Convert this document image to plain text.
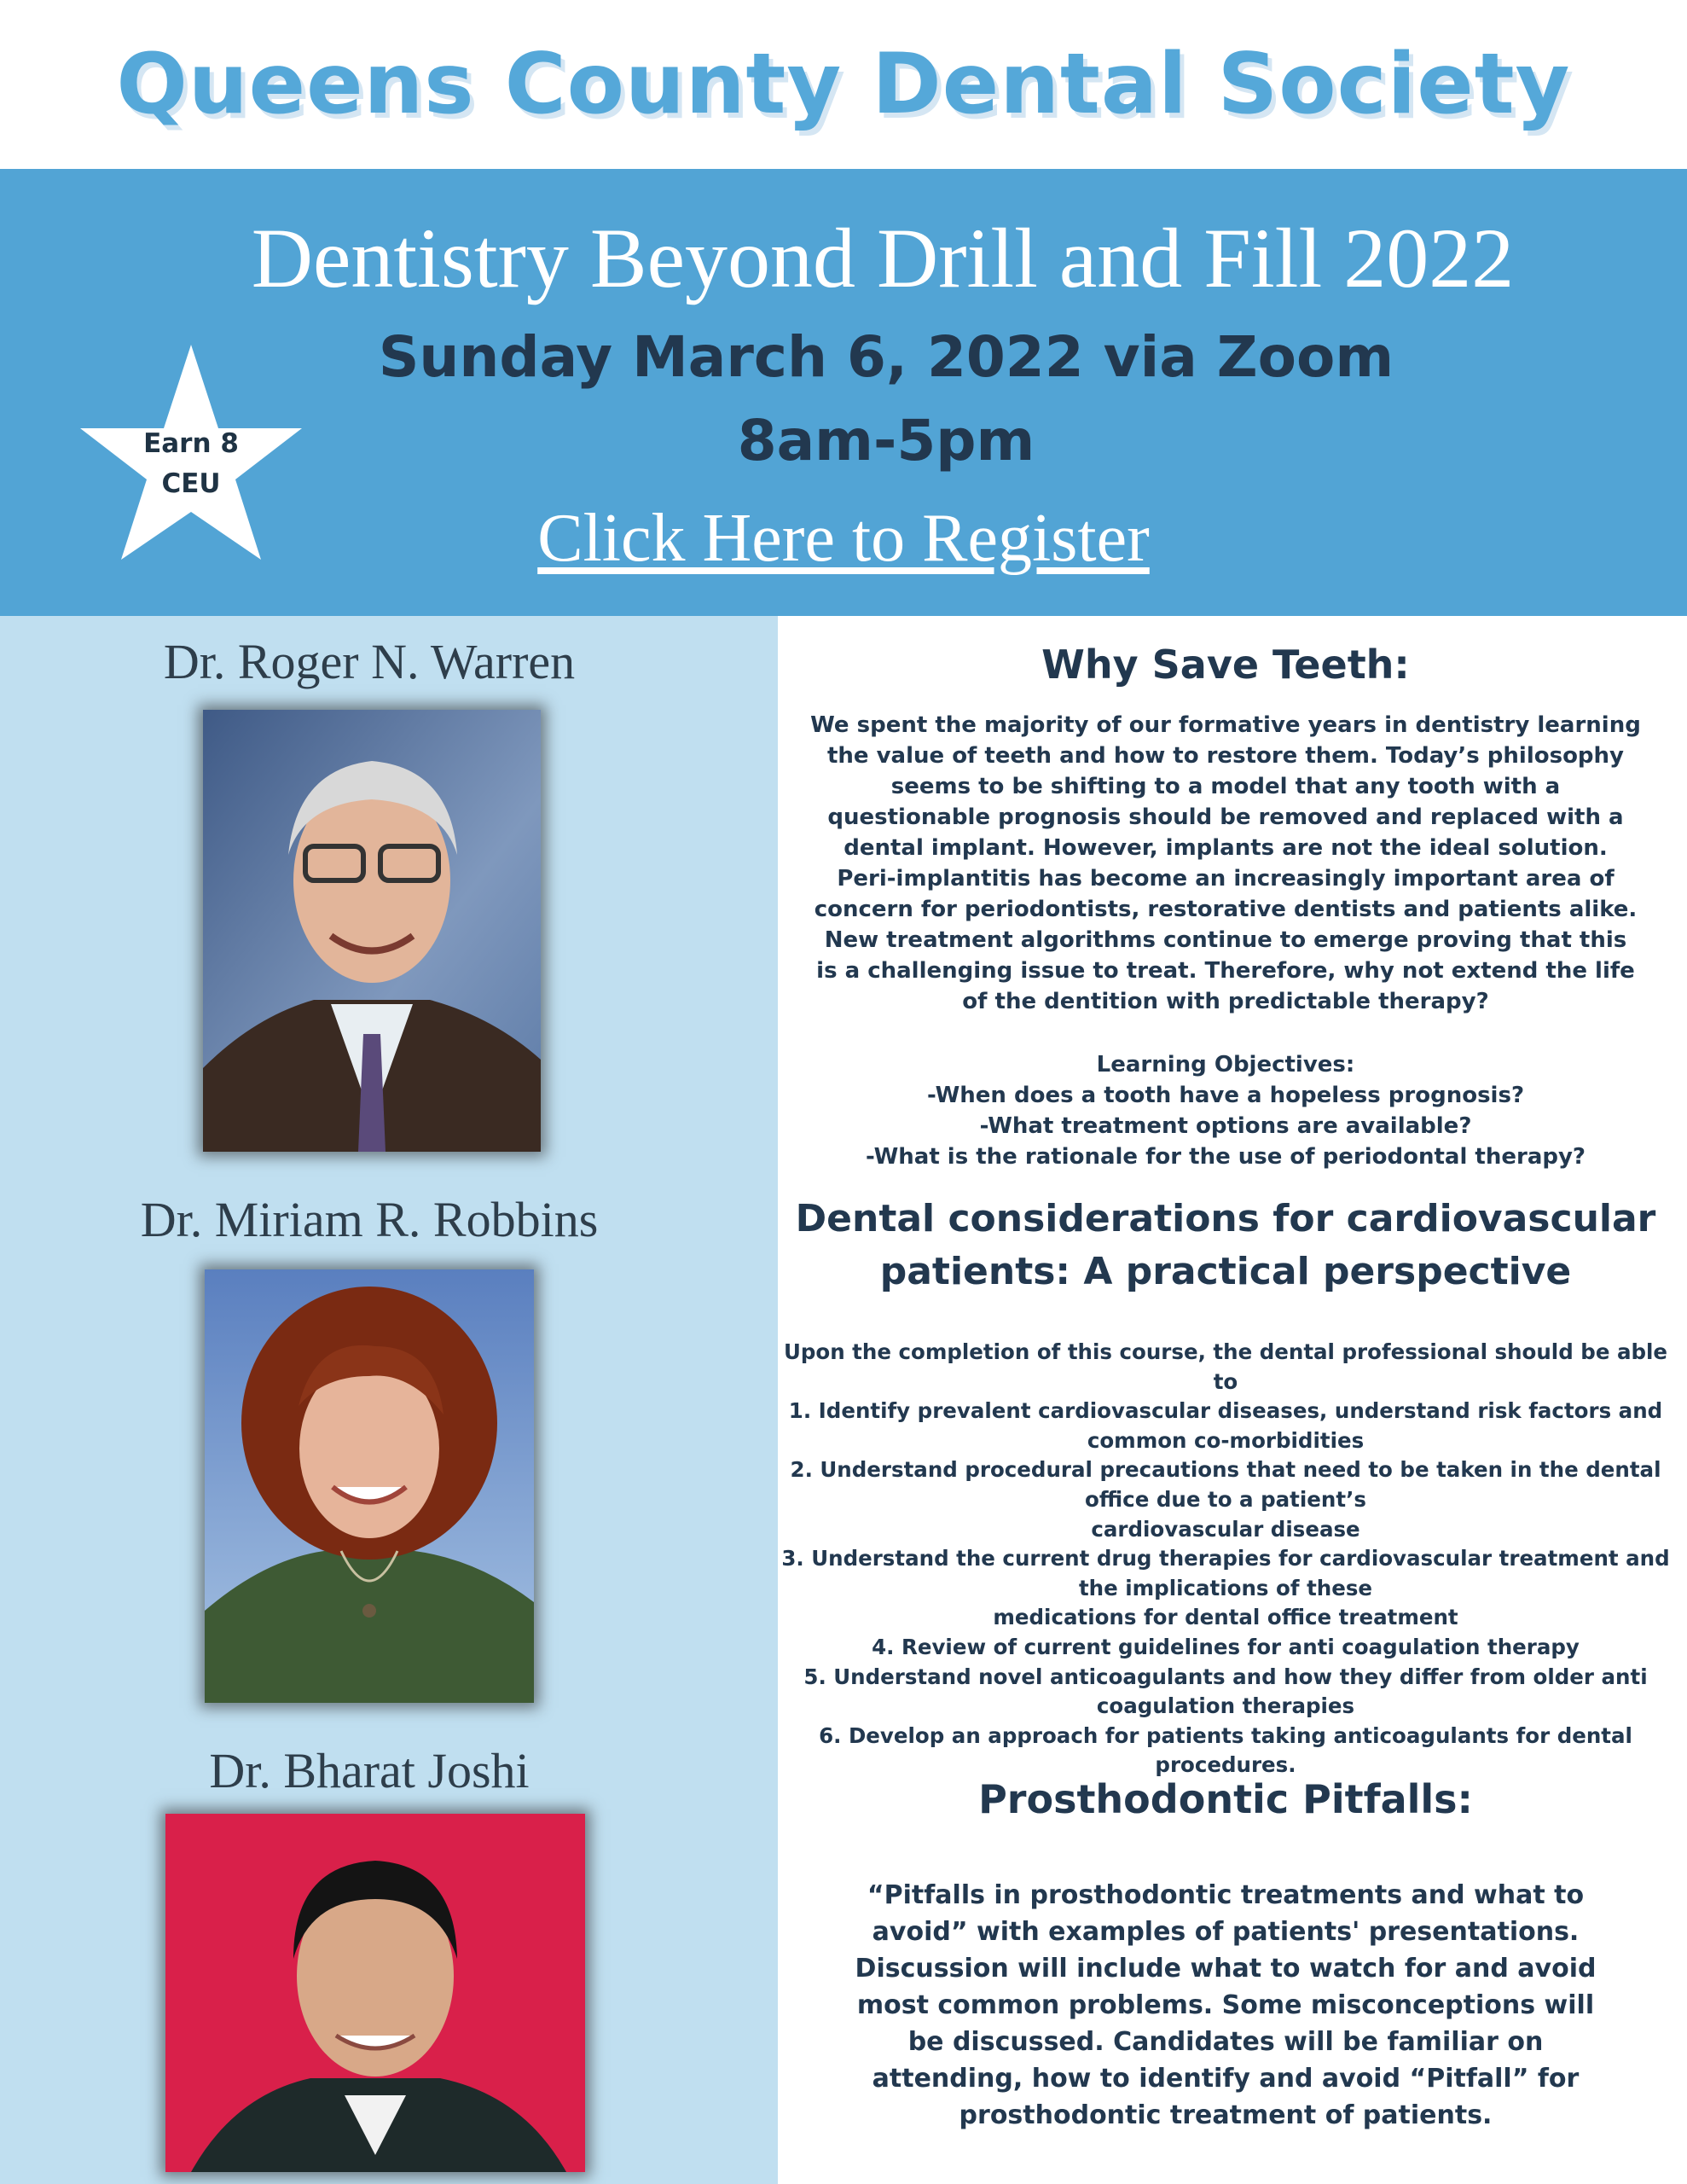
Queens County Dental Society
Dentistry Beyond Drill and Fill 2022
Sunday March 6, 2022 via Zoom
8am-5pm
Click Here to Register
Earn 8
CEU
Dr. Roger N. Warren
Dr. Miriam R. Robbins
Dr. Bharat Joshi
Why Save Teeth:
We spent the majority of our formative years in dentistry learning
the value of teeth and how to restore them. Today’s philosophy
seems to be shifting to a model that any tooth with a
questionable prognosis should be removed and replaced with a
dental implant. However, implants are not the ideal solution.
Peri-implantitis has become an increasingly important area of
concern for periodontists, restorative dentists and patients alike.
New treatment algorithms continue to emerge proving that this
is a challenging issue to treat. Therefore, why not extend the life
of the dentition with predictable therapy?
Learning Objectives:
-When does a tooth have a hopeless prognosis?
-What treatment options are available?
-What is the rationale for the use of periodontal therapy?
Dental considerations for cardiovascular
patients: A practical perspective
Upon the completion of this course, the dental professional should be able to
1. Identify prevalent cardiovascular diseases, understand risk factors and
common co-morbidities
2. Understand procedural precautions that need to be taken in the dental
office due to a patient’s
cardiovascular disease
3. Understand the current drug therapies for cardiovascular treatment and
the implications of these
medications for dental office treatment
4. Review of current guidelines for anti coagulation therapy
5. Understand novel anticoagulants and how they differ from older anti
coagulation therapies
6. Develop an approach for patients taking anticoagulants for dental
procedures.
Prosthodontic Pitfalls:
“Pitfalls in prosthodontic treatments and what to
avoid” with examples of patients' presentations.
Discussion will include what to watch for and avoid
most common problems. Some misconceptions will
be discussed. Candidates will be familiar on
attending, how to identify and avoid “Pitfall” for
prosthodontic treatment of patients.
